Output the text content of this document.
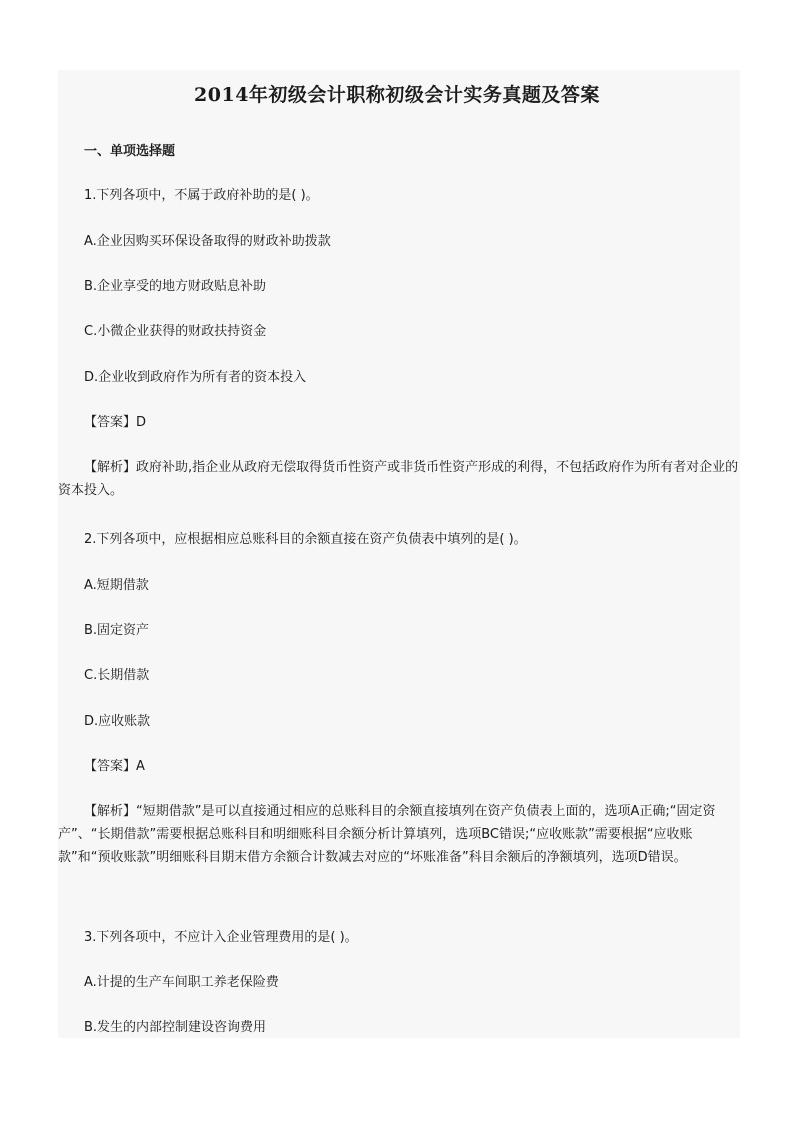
2014年初级会计职称初级会计实务真题及答案

一、单项选择题

1.下列各项中，不属于政府补助的是( )。

A.企业因购买环保设备取得的财政补助拨款

B.企业享受的地方财政贴息补助

C.小微企业获得的财政扶持资金

D.企业收到政府作为所有者的资本投入

【答案】D

【解析】政府补助,指企业从政府无偿取得货币性资产或非货币性资产形成的利得，不包括政府作为所有者对企业的资本投入。

2.下列各项中，应根据相应总账科目的余额直接在资产负债表中填列的是( )。

A.短期借款

B.固定资产

C.长期借款

D.应收账款

【答案】A

【解析】“短期借款”是可以直接通过相应的总账科目的余额直接填列在资产负债表上面的，选项A正确;“固定资产”、“长期借款”需要根据总账科目和明细账科目余额分析计算填列，选项BC错误;“应收账款”需要根据“应收账款”和“预收账款”明细账科目期末借方余额合计数减去对应的“坏账准备”科目余额后的净额填列，选项D错误。

3.下列各项中，不应计入企业管理费用的是( )。

A.计提的生产车间职工养老保险费

B.发生的内部控制建设咨询费用
